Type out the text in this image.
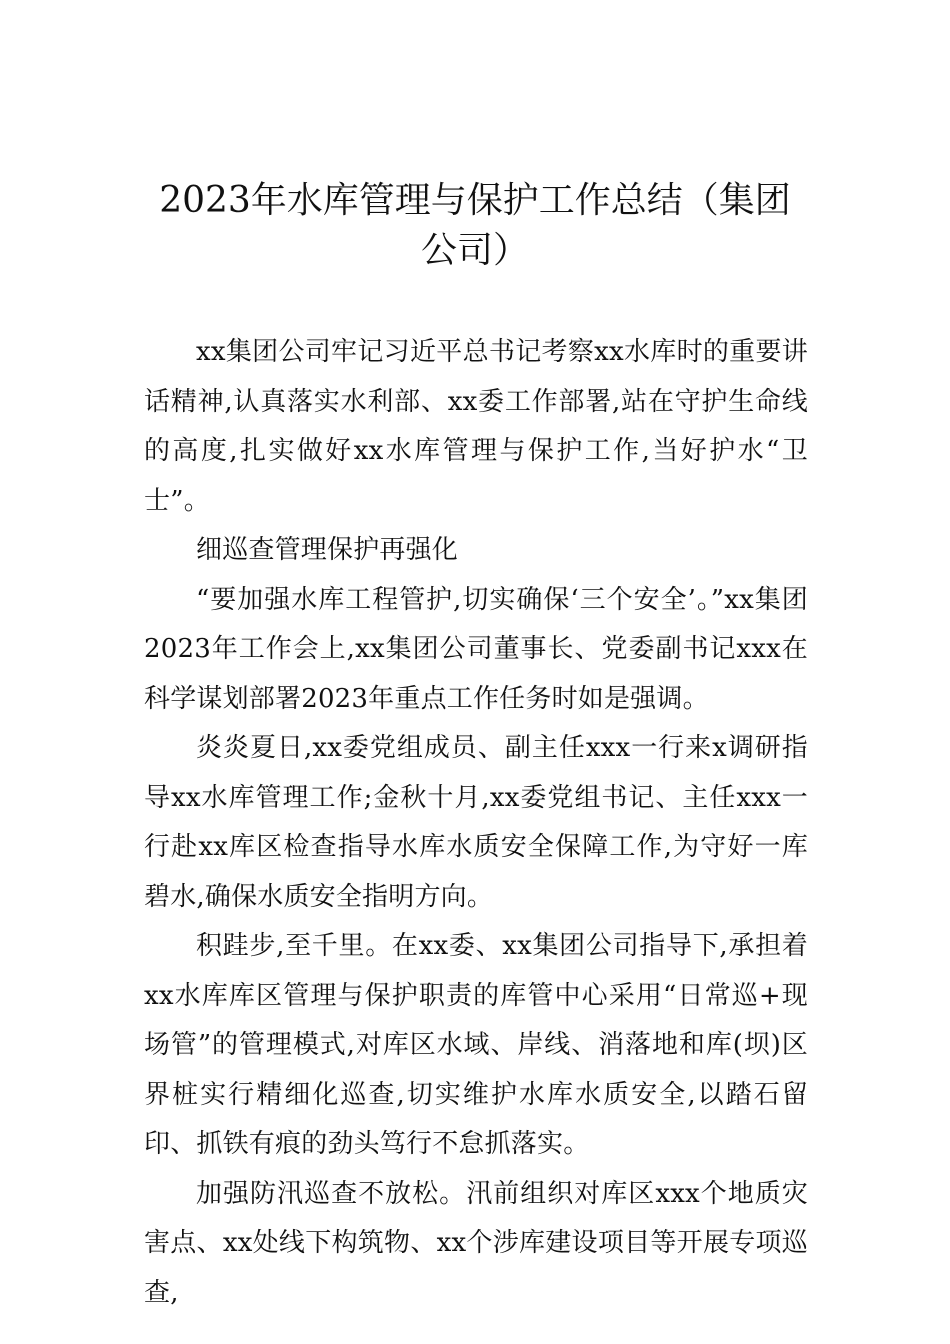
2023年水库管理与保护工作总结（集团公司）

xx集团公司牢记习近平总书记考察xx水库时的重要讲话精神,认真落实水利部、xx委工作部署,站在守护生命线的高度,扎实做好xx水库管理与保护工作,当好护水“卫士”。

细巡查管理保护再强化

“要加强水库工程管护,切实确保‘三个安全’。”xx集团2023年工作会上,xx集团公司董事长、党委副书记xxx在科学谋划部署2023年重点工作任务时如是强调。

炎炎夏日,xx委党组成员、副主任xxx一行来x调研指导xx水库管理工作;金秋十月,xx委党组书记、主任xxx一行赴xx库区检查指导水库水质安全保障工作,为守好一库碧水,确保水质安全指明方向。

积跬步,至千里。在xx委、xx集团公司指导下,承担着xx水库库区管理与保护职责的库管中心采用“日常巡+现场管”的管理模式,对库区水域、岸线、消落地和库(坝)区界桩实行精细化巡查,切实维护水库水质安全,以踏石留印、抓铁有痕的劲头笃行不怠抓落实。

加强防汛巡查不放松。汛前组织对库区xxx个地质灾害点、xx处线下构筑物、xx个涉库建设项目等开展专项巡查,
